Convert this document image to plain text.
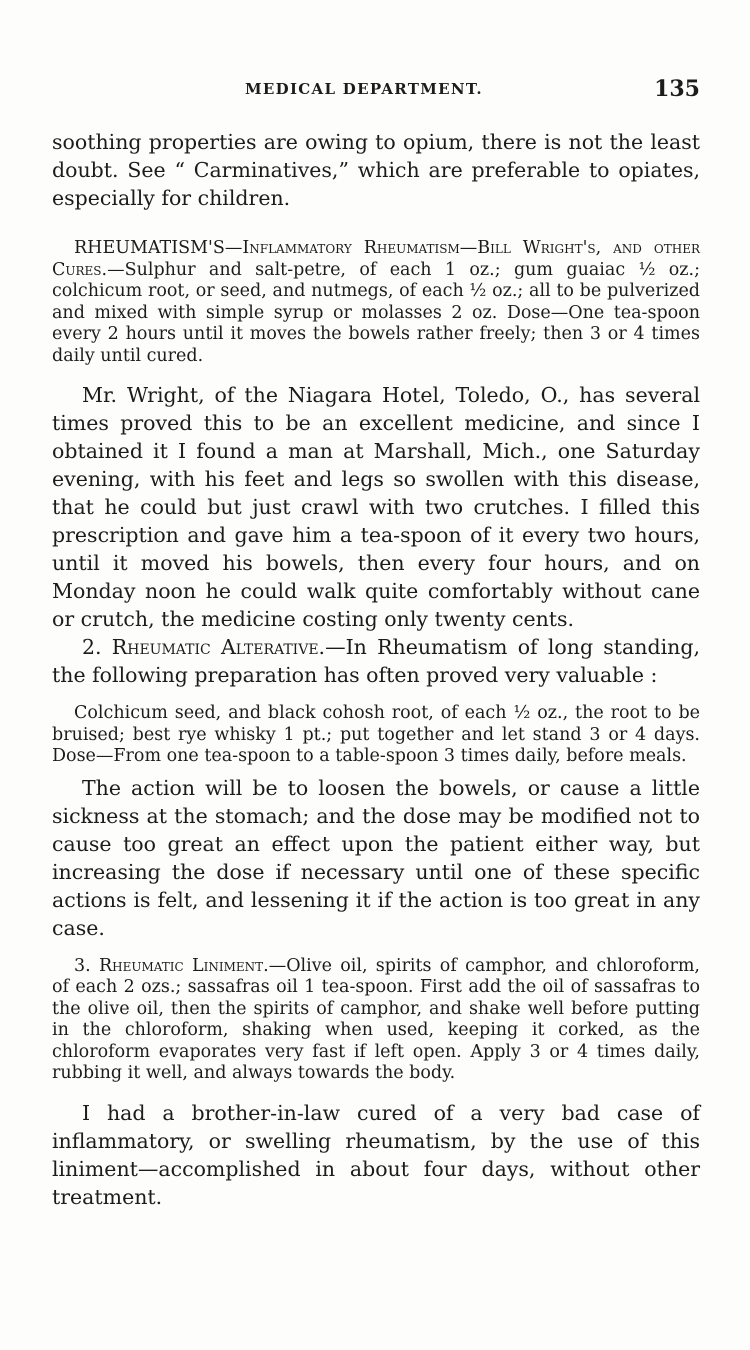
MEDICAL DEPARTMENT.	135

soothing properties are owing to opium, there is not the least doubt. See “ Carminatives,” which are preferable to opiates, especially for children.

RHEUMATISM'S—Inflammatory Rheumatism—Bill Wright's, and other Cures.—Sulphur and salt-petre, of each 1 oz.; gum guaiac ½ oz.; colchicum root, or seed, and nutmegs, of each ½ oz.; all to be pulverized and mixed with simple syrup or molasses 2 oz. Dose—One tea-spoon every 2 hours until it moves the bowels rather freely; then 3 or 4 times daily until cured.

Mr. Wright, of the Niagara Hotel, Toledo, O., has several times proved this to be an excellent medicine, and since I obtained it I found a man at Marshall, Mich., one Saturday evening, with his feet and legs so swollen with this disease, that he could but just crawl with two crutches. I filled this prescription and gave him a tea-spoon of it every two hours, until it moved his bowels, then every four hours, and on Monday noon he could walk quite comfortably without cane or crutch, the medicine costing only twenty cents.

2. Rheumatic Alterative.—In Rheumatism of long standing, the following preparation has often proved very valuable :

Colchicum seed, and black cohosh root, of each ½ oz., the root to be bruised; best rye whisky 1 pt.; put together and let stand 3 or 4 days. Dose—From one tea-spoon to a table-spoon 3 times daily, before meals.

The action will be to loosen the bowels, or cause a little sickness at the stomach; and the dose may be modified not to cause too great an effect upon the patient either way, but increasing the dose if necessary until one of these specific actions is felt, and lessening it if the action is too great in any case.

3. Rheumatic Liniment.—Olive oil, spirits of camphor, and chloroform, of each 2 ozs.; sassafras oil 1 tea-spoon. First add the oil of sassafras to the olive oil, then the spirits of camphor, and shake well before putting in the chloroform, shaking when used, keeping it corked, as the chloroform evaporates very fast if left open. Apply 3 or 4 times daily, rubbing it well, and always towards the body.

I had a brother-in-law cured of a very bad case of inflammatory, or swelling rheumatism, by the use of this liniment—accomplished in about four days, without other treatment.
